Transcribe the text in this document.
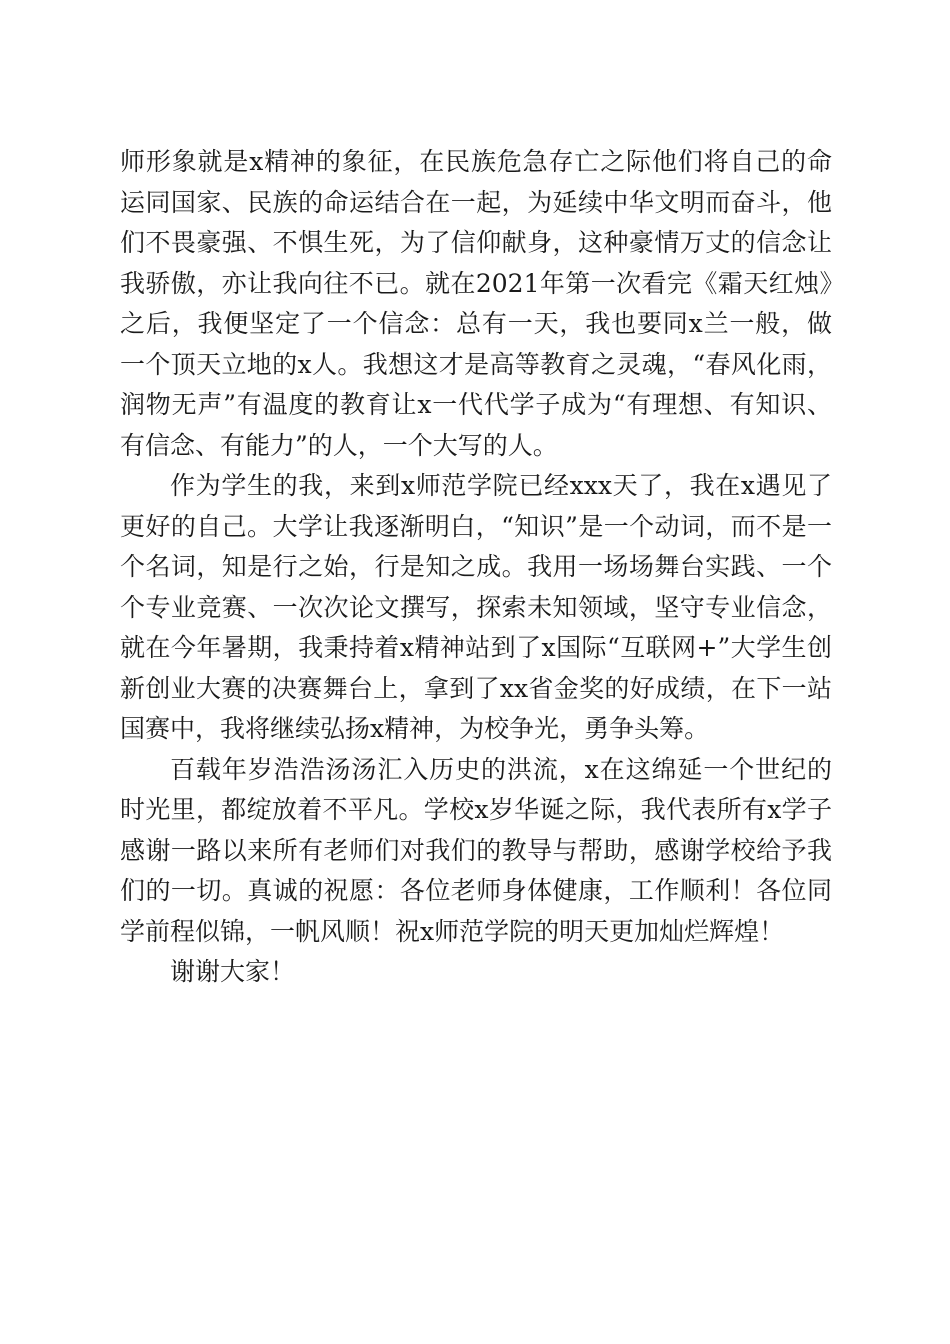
师形象就是x精神的象征，在民族危急存亡之际他们将自己的命运同国家、民族的命运结合在一起，为延续中华文明而奋斗，他们不畏豪强、不惧生死，为了信仰献身，这种豪情万丈的信念让我骄傲，亦让我向往不已。就在2021年第一次看完《霜天红烛》之后，我便坚定了一个信念：总有一天，我也要同x兰一般，做一个顶天立地的x人。我想这才是高等教育之灵魂，“春风化雨，润物无声”有温度的教育让x一代代学子成为“有理想、有知识、有信念、有能力”的人，一个大写的人。

作为学生的我，来到x师范学院已经xxx天了，我在x遇见了更好的自己。大学让我逐渐明白，“知识”是一个动词，而不是一个名词，知是行之始，行是知之成。我用一场场舞台实践、一个个专业竞赛、一次次论文撰写，探索未知领域，坚守专业信念，就在今年暑期，我秉持着x精神站到了x国际“互联网+”大学生创新创业大赛的决赛舞台上，拿到了xx省金奖的好成绩，在下一站国赛中，我将继续弘扬x精神，为校争光，勇争头筹。

百载年岁浩浩汤汤汇入历史的洪流，x在这绵延一个世纪的时光里，都绽放着不平凡。学校x岁华诞之际，我代表所有x学子感谢一路以来所有老师们对我们的教导与帮助，感谢学校给予我们的一切。真诚的祝愿：各位老师身体健康，工作顺利！各位同学前程似锦，一帆风顺！祝x师范学院的明天更加灿烂辉煌！

谢谢大家！
